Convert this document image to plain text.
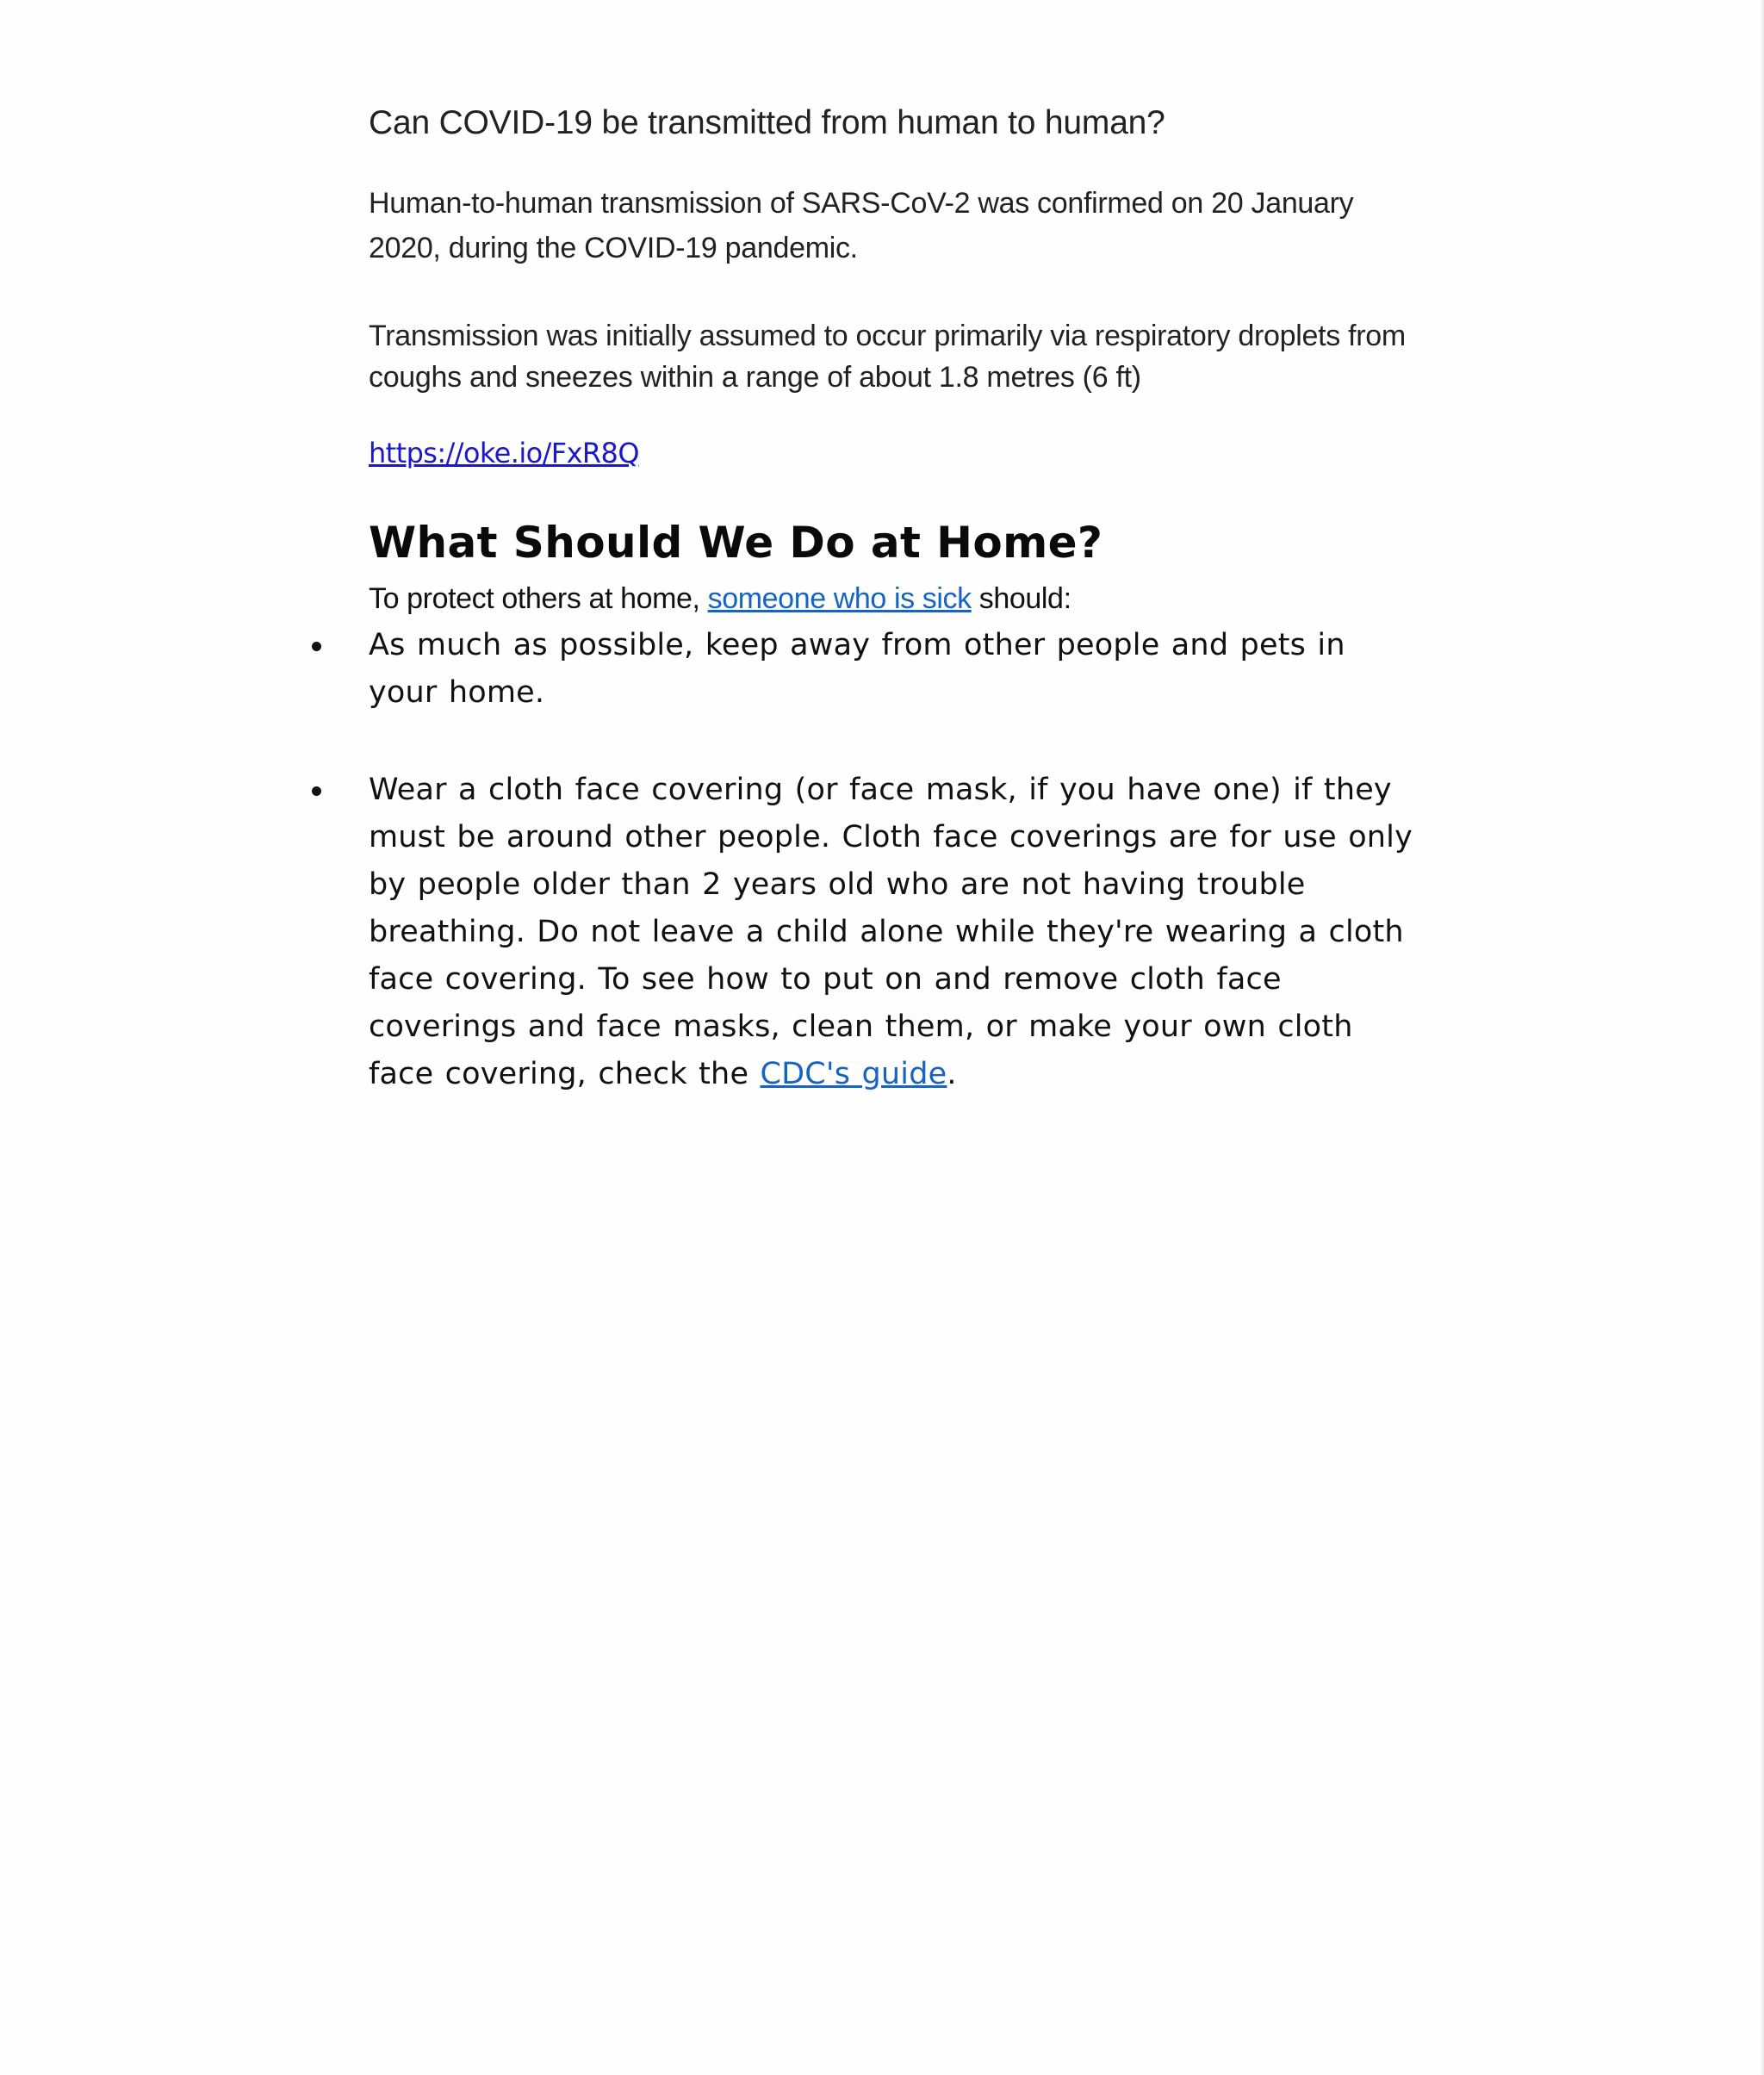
Can COVID-19 be transmitted from human to human?

Human-to-human transmission of SARS-CoV-2 was confirmed on 20 January 2020, during the COVID-19 pandemic.

Transmission was initially assumed to occur primarily via respiratory droplets from coughs and sneezes within a range of about 1.8 metres (6 ft)

https://oke.io/FxR8Q
What Should We Do at Home?

To protect others at home, someone who is sick should:

As much as possible, keep away from other people and pets in your home.
Wear a cloth face covering (or face mask, if you have one) if they must be around other people. Cloth face coverings are for use only by people older than 2 years old who are not having trouble breathing. Do not leave a child alone while they're wearing a cloth face covering. To see how to put on and remove cloth face coverings and face masks, clean them, or make your own cloth face covering, check the CDC's guide.
